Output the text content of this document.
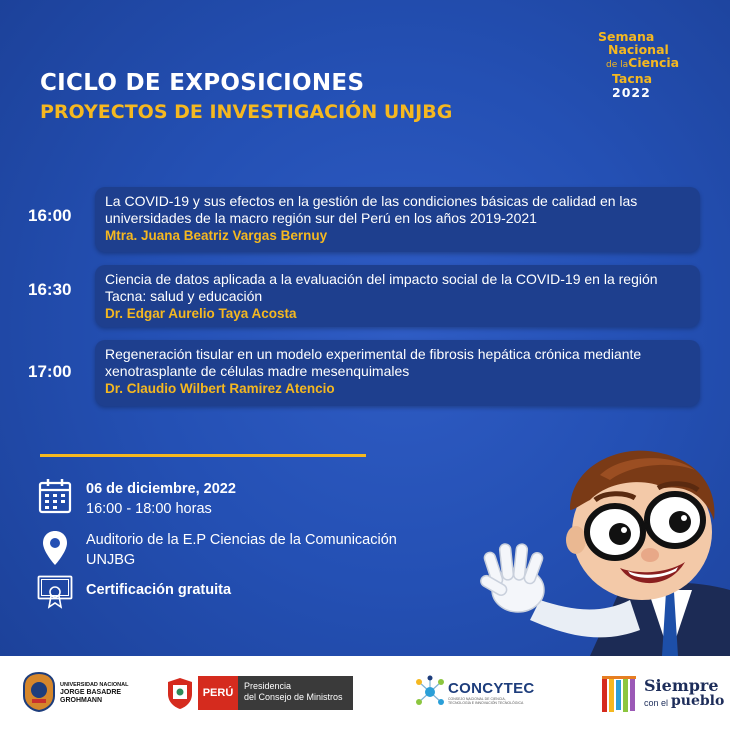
Semana
Nacional
de laCiencia
Tacna
2022
CICLO DE EXPOSICIONES
PROYECTOS DE INVESTIGACIÓN UNJBG
16:00
La COVID-19 y sus efectos en la gestión de las condiciones básicas de calidad en las universidades de la macro región sur del Perú en los años 2019-2021
Mtra. Juana Beatriz Vargas Bernuy
16:30
Ciencia de datos aplicada a la evaluación del impacto social de la COVID-19 en la región Tacna: salud y educación
Dr. Edgar Aurelio Taya Acosta
17:00
Regeneración tisular en un modelo experimental de fibrosis hepática crónica mediante xenotrasplante de células madre mesenquimales
Dr. Claudio Wilbert Ramirez Atencio
06 de diciembre, 2022
16:00 - 18:00 horas
Auditorio de la E.P Ciencias de la Comunicación
UNJBG
Certificación gratuita
UNIVERSIDAD NACIONAL
JORGE BASADRE
GROHMANN
PERÚ
Presidencia
del Consejo de Ministros	CONCYTEC
CONSEJO NACIONAL DE CIENCIA,
TECNOLOGÍA E INNOVACIÓN TECNOLÓGICA
Siempre
con el pueblo
